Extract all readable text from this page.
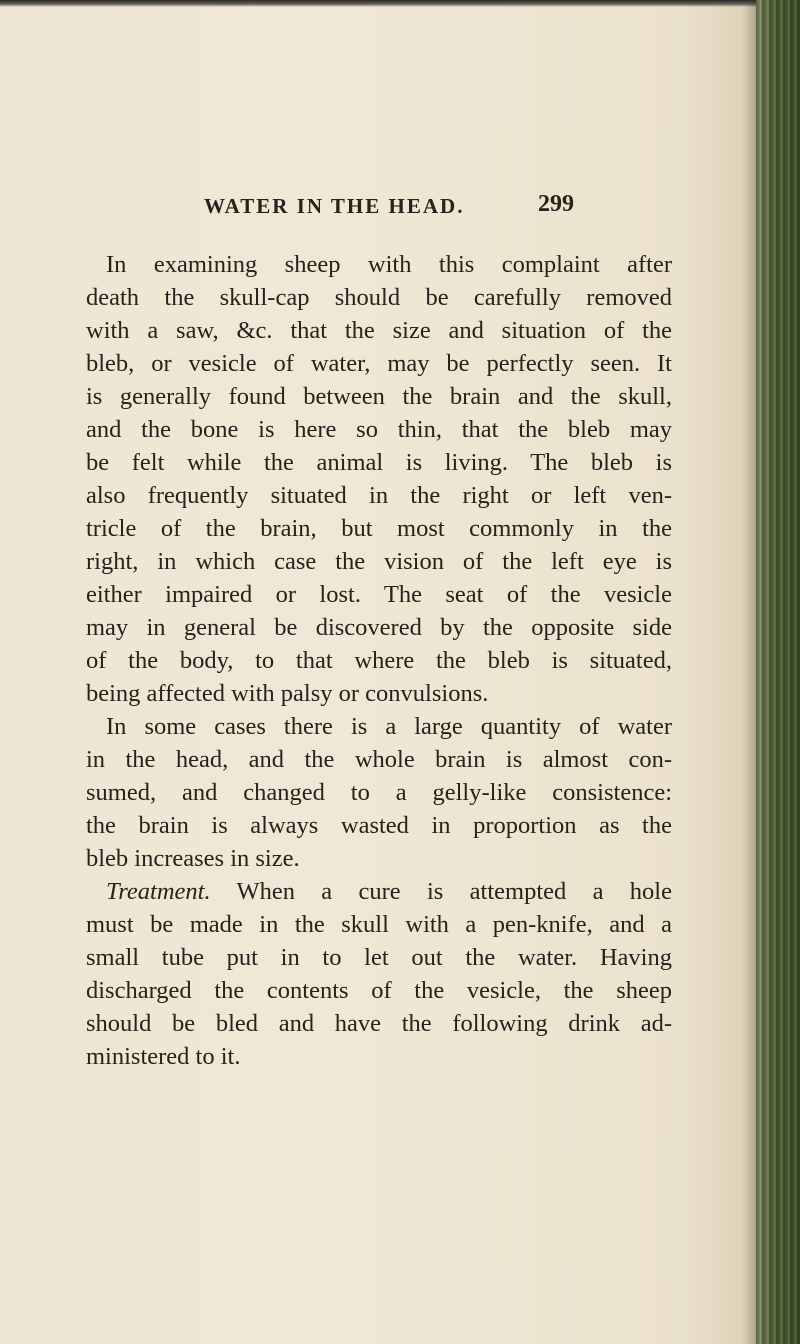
WATER IN THE HEAD.	299
In examining sheep with this complaint after
death the skull-cap should be carefully removed
with a saw, &c. that the size and situation of the
bleb, or vesicle of water, may be perfectly seen. It
is generally found between the brain and the skull,
and the bone is here so thin, that the bleb may
be felt while the animal is living. The bleb is
also frequently situated in the right or left ven-
tricle of the brain, but most commonly in the
right, in which case the vision of the left eye is
either impaired or lost. The seat of the vesicle
may in general be discovered by the opposite side
of the body, to that where the bleb is situated,
being affected with palsy or convulsions.
In some cases there is a large quantity of water
in the head, and the whole brain is almost con-
sumed, and changed to a gelly-like consistence:
the brain is always wasted in proportion as the
bleb increases in size.
Treatment. When a cure is attempted a hole
must be made in the skull with a pen-knife, and a
small tube put in to let out the water. Having
discharged the contents of the vesicle, the sheep
should be bled and have the following drink ad-
ministered to it.
